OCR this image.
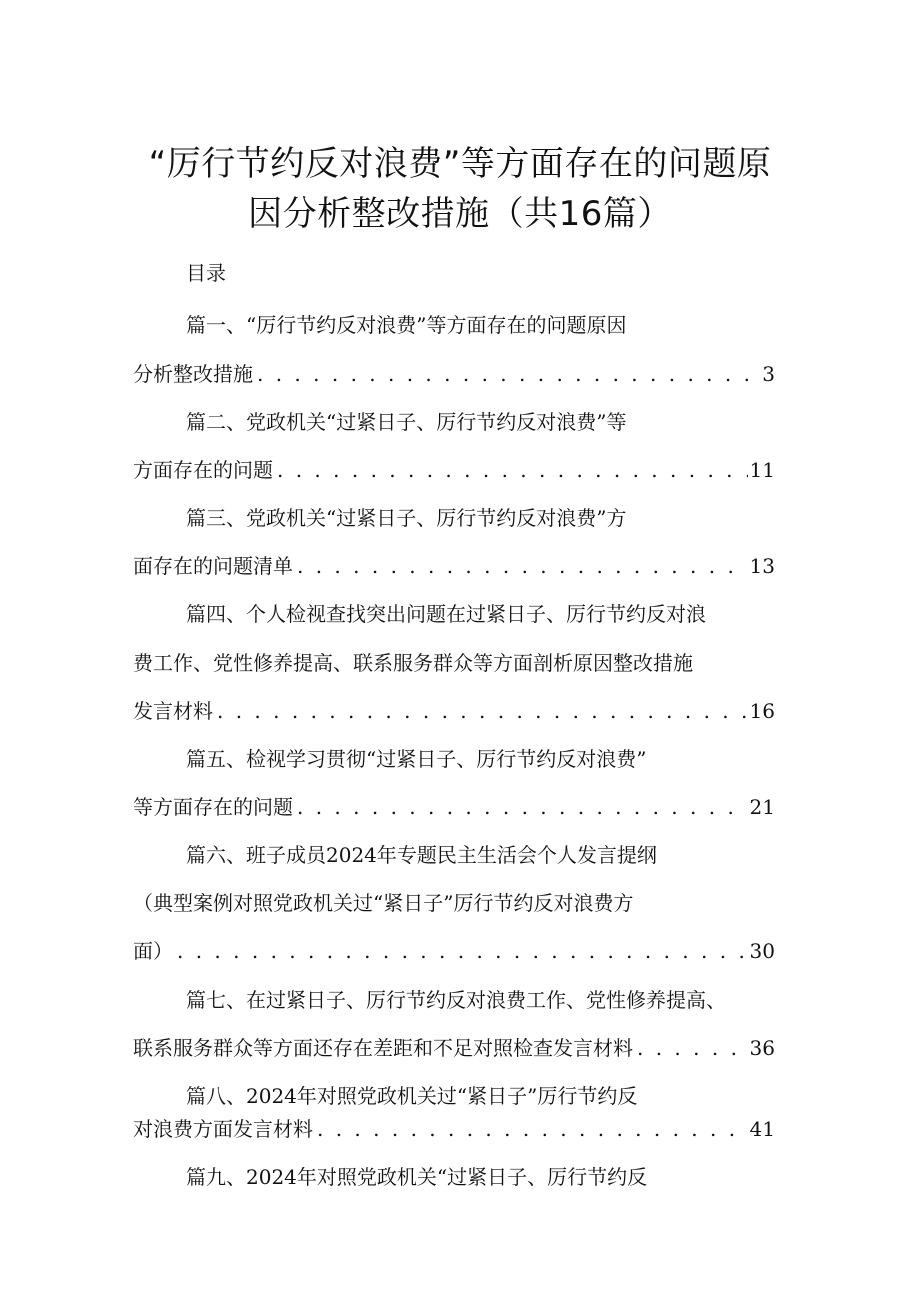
“厉行节约反对浪费”等方面存在的问题原
因分析整改措施（共16篇）
目录
篇一、“厉行节约反对浪费”等方面存在的问题原因
分析整改措施 . . .	3
篇二、党政机关“过紧日子、厉行节约反对浪费”等
方面存在的问题 . . .	11
篇三、党政机关“过紧日子、厉行节约反对浪费”方
面存在的问题清单 . . .	13
篇四、个人检视查找突出问题在过紧日子、厉行节约反对浪
费工作、党性修养提高、联系服务群众等方面剖析原因整改措施
发言材料 . . .	16
篇五、检视学习贯彻“过紧日子、厉行节约反对浪费”
等方面存在的问题 . . .	21
篇六、班子成员2024年专题民主生活会个人发言提纲
（典型案例对照党政机关过“紧日子”厉行节约反对浪费方
面） . . .	30
篇七、在过紧日子、厉行节约反对浪费工作、党性修养提高、
联系服务群众等方面还存在差距和不足对照检查发言材料 . . .	36
篇八、2024年对照党政机关过“紧日子”厉行节约反
对浪费方面发言材料 . . .	41
篇九、2024年对照党政机关“过紧日子、厉行节约反
